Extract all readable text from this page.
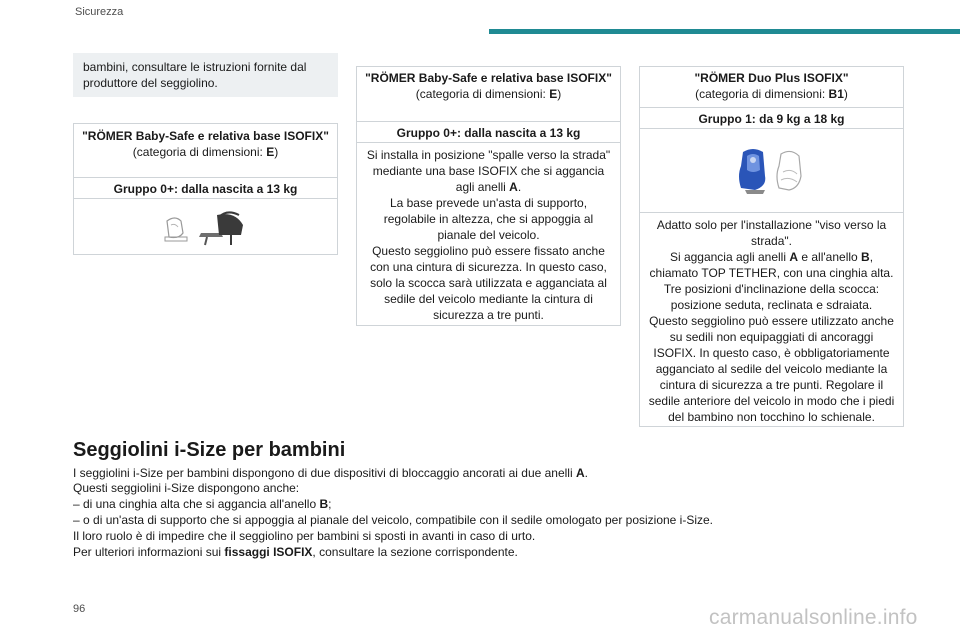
Sicurezza
bambini, consultare le istruzioni fornite dal produttore del seggiolino.
"RÖMER Baby-Safe e relativa base ISOFIX"
(categoria di dimensioni: E)
Gruppo 0+: dalla nascita a 13 kg
"RÖMER Baby-Safe e relativa base ISOFIX"
(categoria di dimensioni: E)
Gruppo 0+: dalla nascita a 13 kg
Si installa in posizione "spalle verso la strada" mediante una base ISOFIX che si aggancia agli anelli A.
La base prevede un'asta di supporto, regolabile in altezza, che si appoggia al pianale del veicolo.
Questo seggiolino può essere fissato anche con una cintura di sicurezza. In questo caso, solo la scocca sarà utilizzata e agganciata al sedile del veicolo mediante la cintura di sicurezza a tre punti.
"RÖMER Duo Plus ISOFIX"
(categoria di dimensioni: B1)
Gruppo 1: da 9 kg a 18 kg
Adatto solo per l'installazione "viso verso la strada".
Si aggancia agli anelli A e all'anello B, chiamato TOP TETHER, con una cinghia alta.
Tre posizioni d'inclinazione della scocca: posizione seduta, reclinata e sdraiata.
Questo seggiolino può essere utilizzato anche su sedili non equipaggiati di ancoraggi ISOFIX. In questo caso, è obbligatoriamente agganciato al sedile del veicolo mediante la cintura di sicurezza a tre punti. Regolare il sedile anteriore del veicolo in modo che i piedi del bambino non tocchino lo schienale.
Seggiolini i-Size per bambini
I seggiolini i-Size per bambini dispongono di due dispositivi di bloccaggio ancorati ai due anelli A.
Questi seggiolini i-Size dispongono anche:
– di una cinghia alta che si aggancia all'anello B;
– o di un'asta di supporto che si appoggia al pianale del veicolo, compatibile con il sedile omologato per posizione i-Size.
Il loro ruolo è di impedire che il seggiolino per bambini si sposti in avanti in caso di urto.
Per ulteriori informazioni sui fissaggi ISOFIX, consultare la sezione corrispondente.
96	carmanualsonline.info
